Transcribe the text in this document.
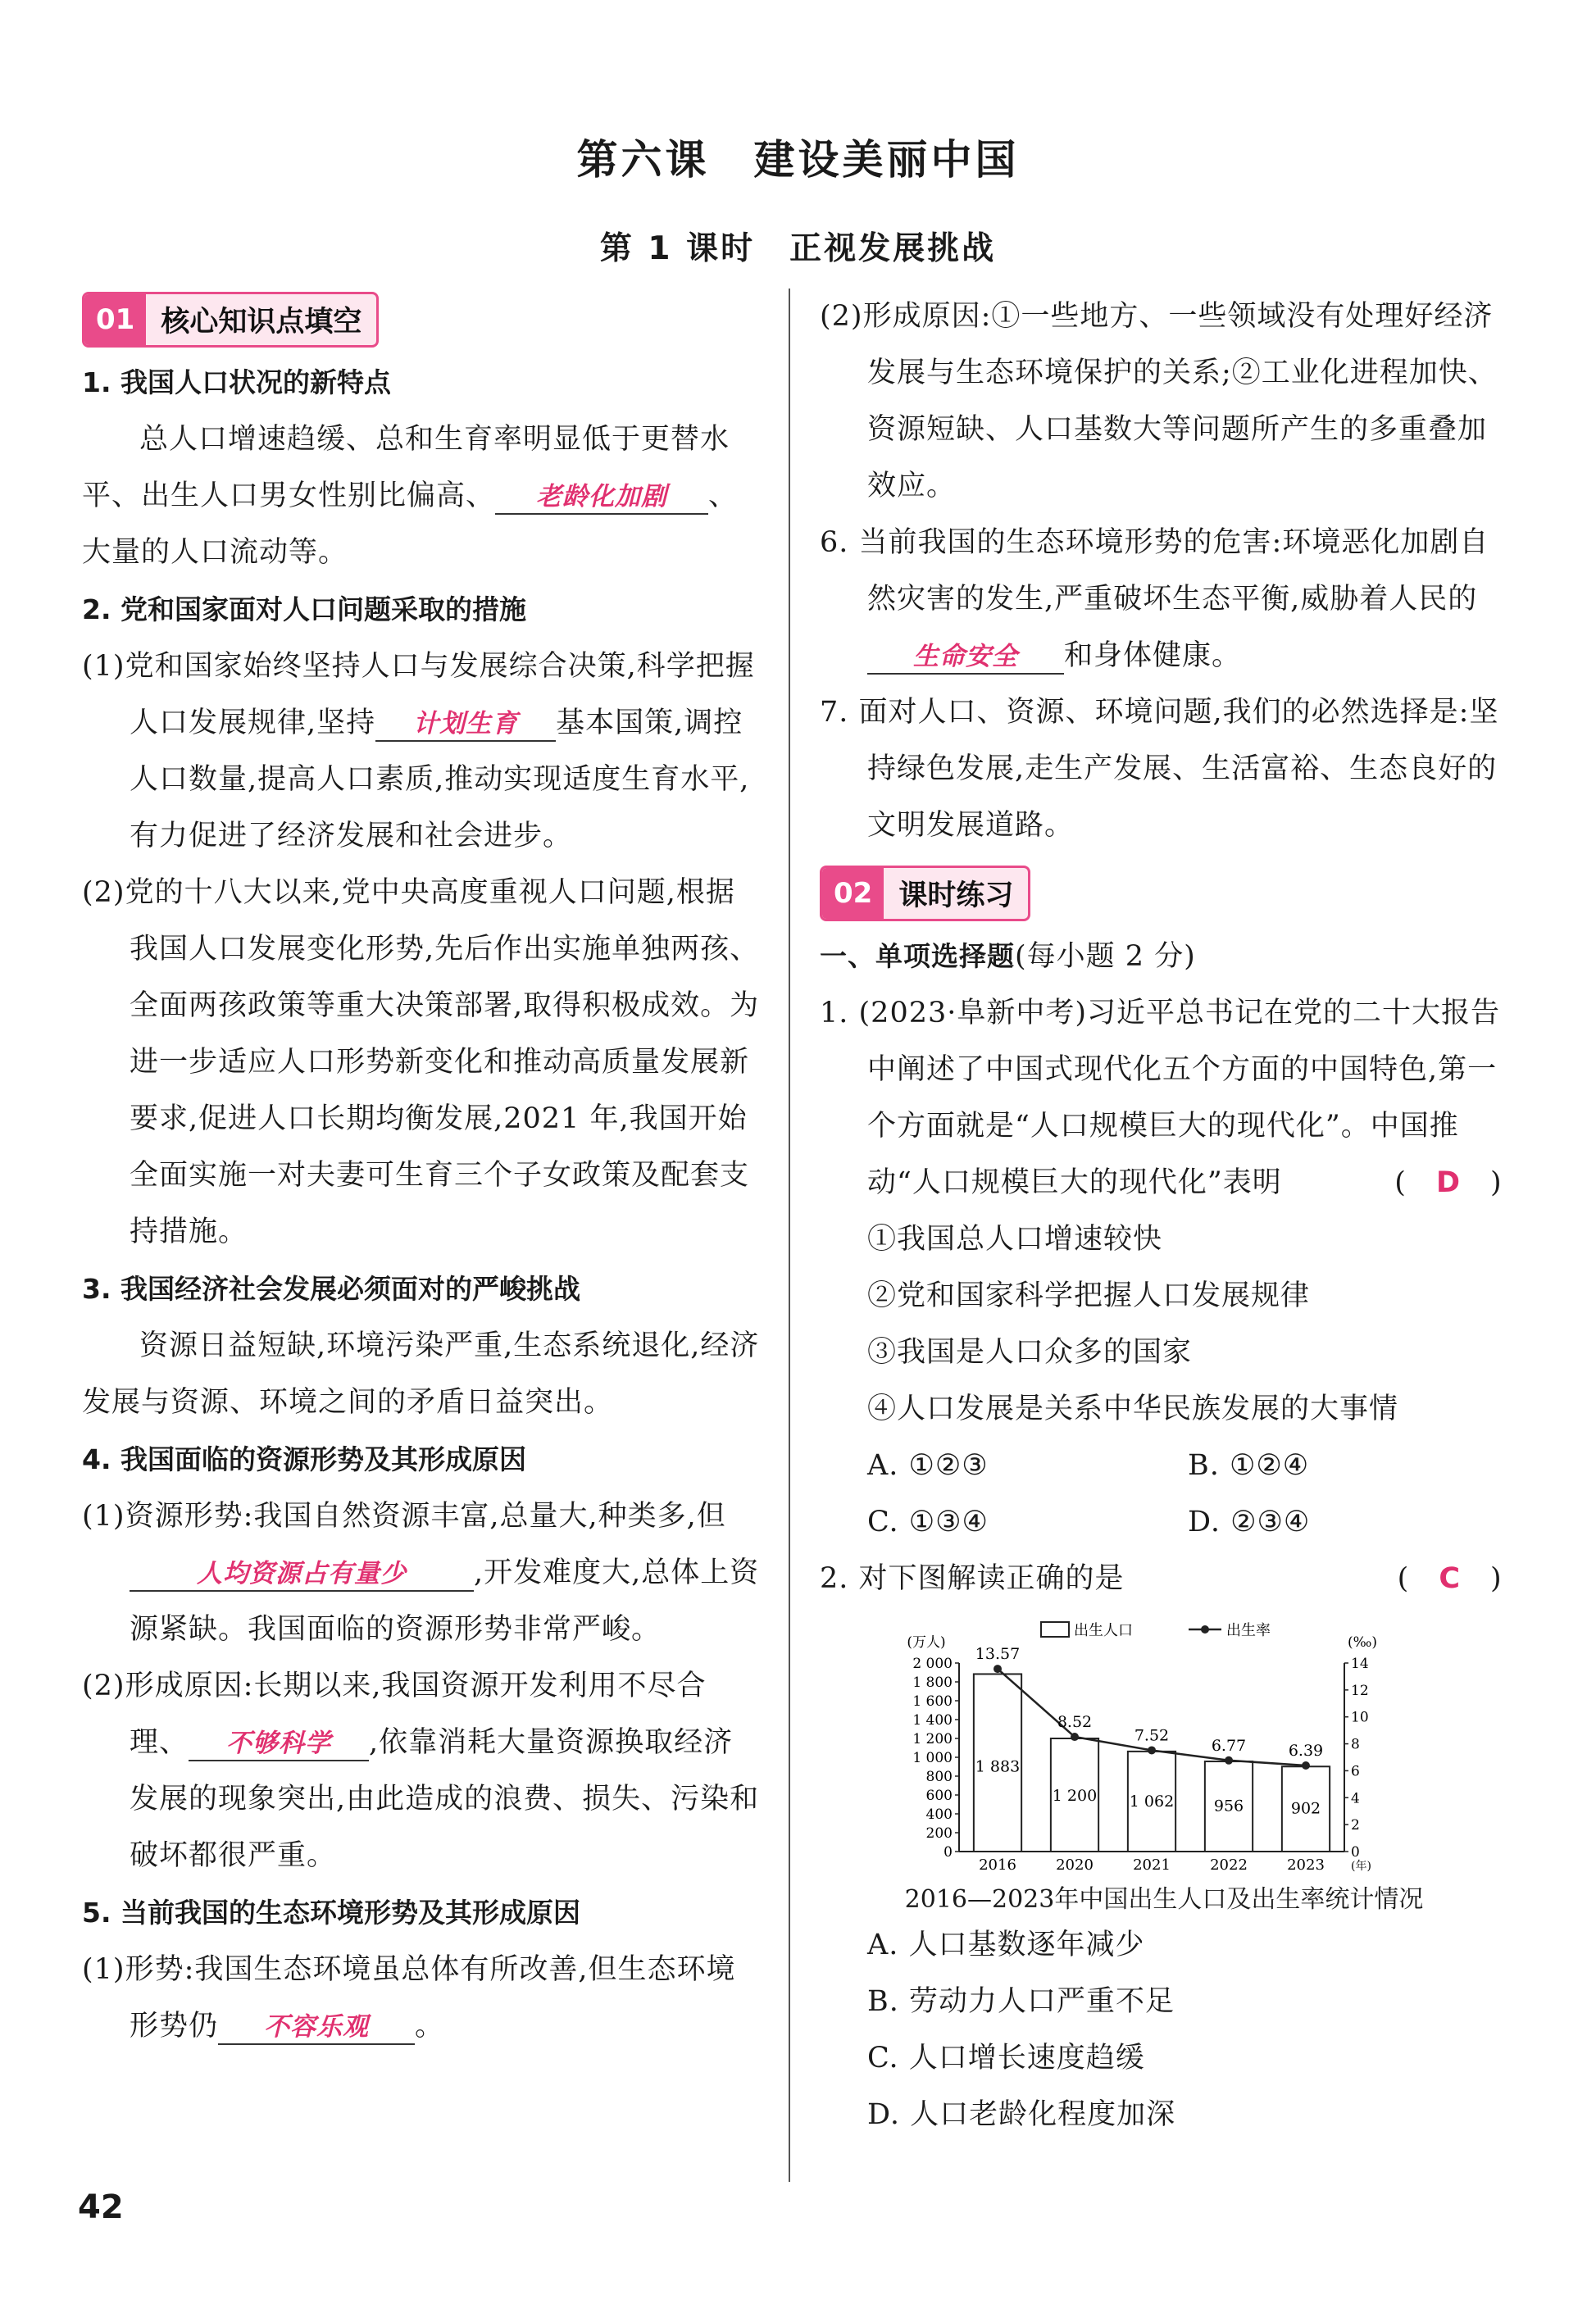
第六课　建设美丽中国
第 1 课时　正视发展挑战
01 核心知识点填空
1. 我国人口状况的新特点
总人口增速趋缓、总和生育率明显低于更替水平、出生人口男女性别比偏高、 老龄化加剧 、大量的人口流动等。
2. 党和国家面对人口问题采取的措施
(1)党和国家始终坚持人口与发展综合决策,科学把握人口发展规律,坚持 计划生育 基本国策,调控人口数量,提高人口素质,推动实现适度生育水平,有力促进了经济发展和社会进步。
(2)党的十八大以来,党中央高度重视人口问题,根据我国人口发展变化形势,先后作出实施单独两孩、全面两孩政策等重大决策部署,取得积极成效。为进一步适应人口形势新变化和推动高质量发展新要求,促进人口长期均衡发展,2021 年,我国开始全面实施一对夫妻可生育三个子女政策及配套支持措施。
3. 我国经济社会发展必须面对的严峻挑战
资源日益短缺,环境污染严重,生态系统退化,经济发展与资源、环境之间的矛盾日益突出。
4. 我国面临的资源形势及其形成原因
(1)资源形势:我国自然资源丰富,总量大,种类多,但人均资源占有量少 ,开发难度大,总体上资源紧缺。我国面临的资源形势非常严峻。
(2)形成原因:长期以来,我国资源开发利用不尽合理、 不够科学 ,依靠消耗大量资源换取经济发展的现象突出,由此造成的浪费、损失、污染和破坏都很严重。
5. 当前我国的生态环境形势及其形成原因
(1)形势:我国生态环境虽总体有所改善,但生态环境形势仍 不容乐观 。
(2)形成原因:①一些地方、一些领域没有处理好经济发展与生态环境保护的关系;②工业化进程加快、资源短缺、人口基数大等问题所产生的多重叠加效应。
6. 当前我国的生态环境形势的危害:环境恶化加剧自然灾害的发生,严重破坏生态平衡,威胁着人民的生命安全 和身体健康。
7. 面对人口、资源、环境问题,我们的必然选择是:坚持绿色发展,走生产发展、生活富裕、生态良好的文明发展道路。
02 课时练习
一、单项选择题(每小题 2 分)
1. (2023·阜新中考)习近平总书记在党的二十大报告中阐述了中国式现代化五个方面的中国特色,第一个方面就是“人口规模巨大的现代化”。中国推动“人口规模巨大的现代化”表明	(　D　)
①我国总人口增速较快
②党和国家科学把握人口发展规律
③我国是人口众多的国家
④人口发展是关系中华民族发展的大事情
A. ①②③	B. ①②④
C. ①③④	D. ②③④
2. 对下图解读正确的是	(　C　)
(万人)	(‰)
0
200
400
600
800
1 000
1 200
1 400
1 600
1 800
2 000
0
2
4
6
8
10
12
14
1 883
2016
1 200
2020
1 062
2021
956
2022
902
2023 (年)
13.57
8.52
7.52
6.77	6.39
出生人口	出生率
2016—2023年中国出生人口及出生率统计情况
A. 人口基数逐年减少
B. 劳动力人口严重不足
C. 人口增长速度趋缓
D. 人口老龄化程度加深
42
